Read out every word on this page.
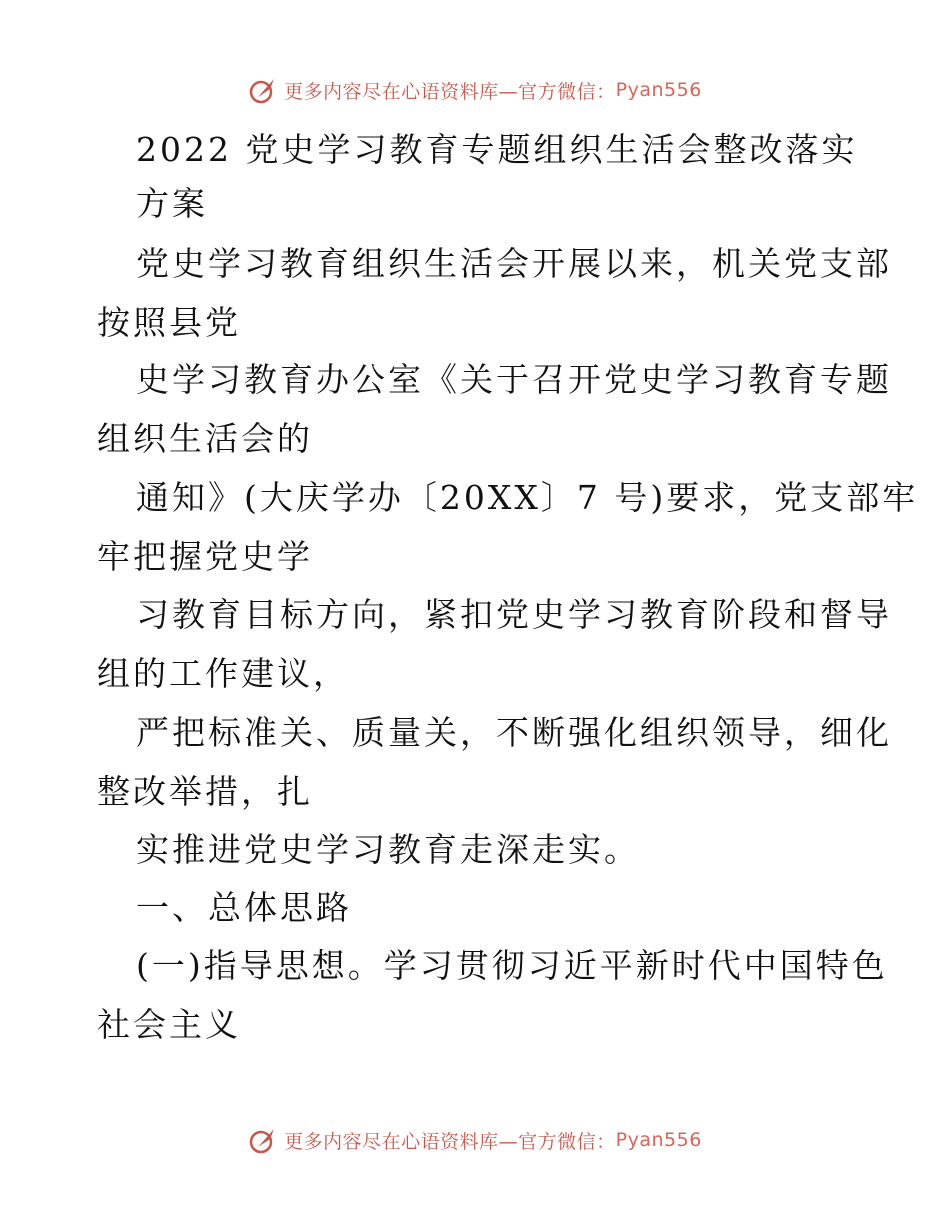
更多内容尽在心语资料库—官方微信： Pyan556
2022 党史学习教育专题组织生活会整改落实
方案
党史学习教育组织生活会开展以来，机关党支部
按照县党
史学习教育办公室《关于召开党史学习教育专题
组织生活会的
通知》(大庆学办〔20XX〕7 号)要求，党支部牢
牢把握党史学
习教育目标方向，紧扣党史学习教育阶段和督导
组的工作建议，
严把标准关、质量关，不断强化组织领导，细化
整改举措，扎
实推进党史学习教育走深走实。
一、总体思路
(一)指导思想。学习贯彻习近平新时代中国特色
社会主义
更多内容尽在心语资料库—官方微信： Pyan556
